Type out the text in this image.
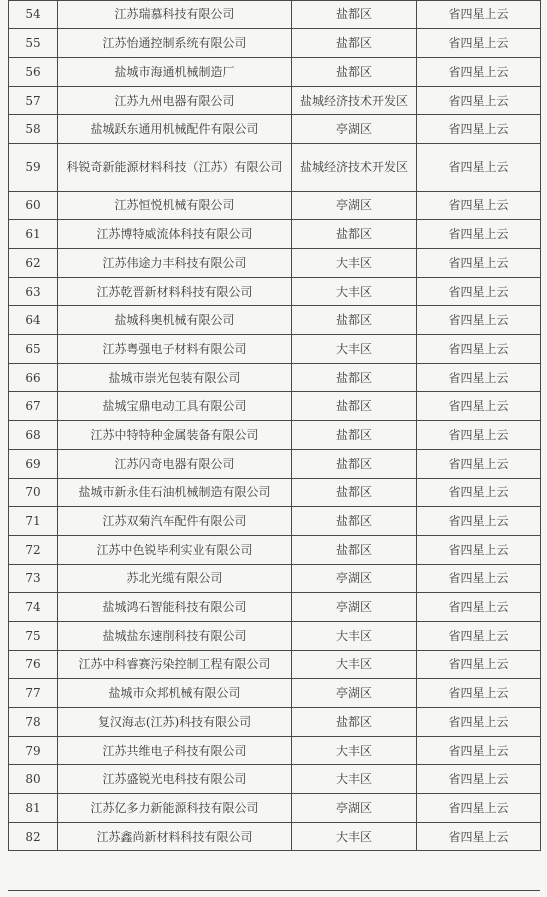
54	江苏瑞慕科技有限公司	盐都区	省四星上云
55	江苏怡通控制系统有限公司	盐都区	省四星上云
56	盐城市海通机械制造厂	盐都区	省四星上云
57	江苏九州电器有限公司	盐城经济技术开发区	省四星上云
58	盐城跃东通用机械配件有限公司	亭湖区	省四星上云
59	科锐奇新能源材料科技（江苏）有限公司	盐城经济技术开发区	省四星上云
60	江苏恒悦机械有限公司	亭湖区	省四星上云
61	江苏博特威流体科技有限公司	盐都区	省四星上云
62	江苏伟途力丰科技有限公司	大丰区	省四星上云
63	江苏乾晋新材料科技有限公司	大丰区	省四星上云
64	盐城科奥机械有限公司	盐都区	省四星上云
65	江苏粤强电子材料有限公司	大丰区	省四星上云
66	盐城市崇光包装有限公司	盐都区	省四星上云
67	盐城宝鼎电动工具有限公司	盐都区	省四星上云
68	江苏中特特种金属装备有限公司	盐都区	省四星上云
69	江苏闪奇电器有限公司	盐都区	省四星上云
70	盐城市新永佳石油机械制造有限公司	盐都区	省四星上云
71	江苏双菊汽车配件有限公司	盐都区	省四星上云
72	江苏中色锐毕利实业有限公司	盐都区	省四星上云
73	苏北光缆有限公司	亭湖区	省四星上云
74	盐城鸿石智能科技有限公司	亭湖区	省四星上云
75	盐城盐东速削科技有限公司	大丰区	省四星上云
76	江苏中科睿赛污染控制工程有限公司	大丰区	省四星上云
77	盐城市众邦机械有限公司	亭湖区	省四星上云
78	复汉海志(江苏)科技有限公司	盐都区	省四星上云
79	江苏共维电子科技有限公司	大丰区	省四星上云
80	江苏盛锐光电科技有限公司	大丰区	省四星上云
81	江苏亿多力新能源科技有限公司	亭湖区	省四星上云
82	江苏鑫尚新材料科技有限公司	大丰区	省四星上云
